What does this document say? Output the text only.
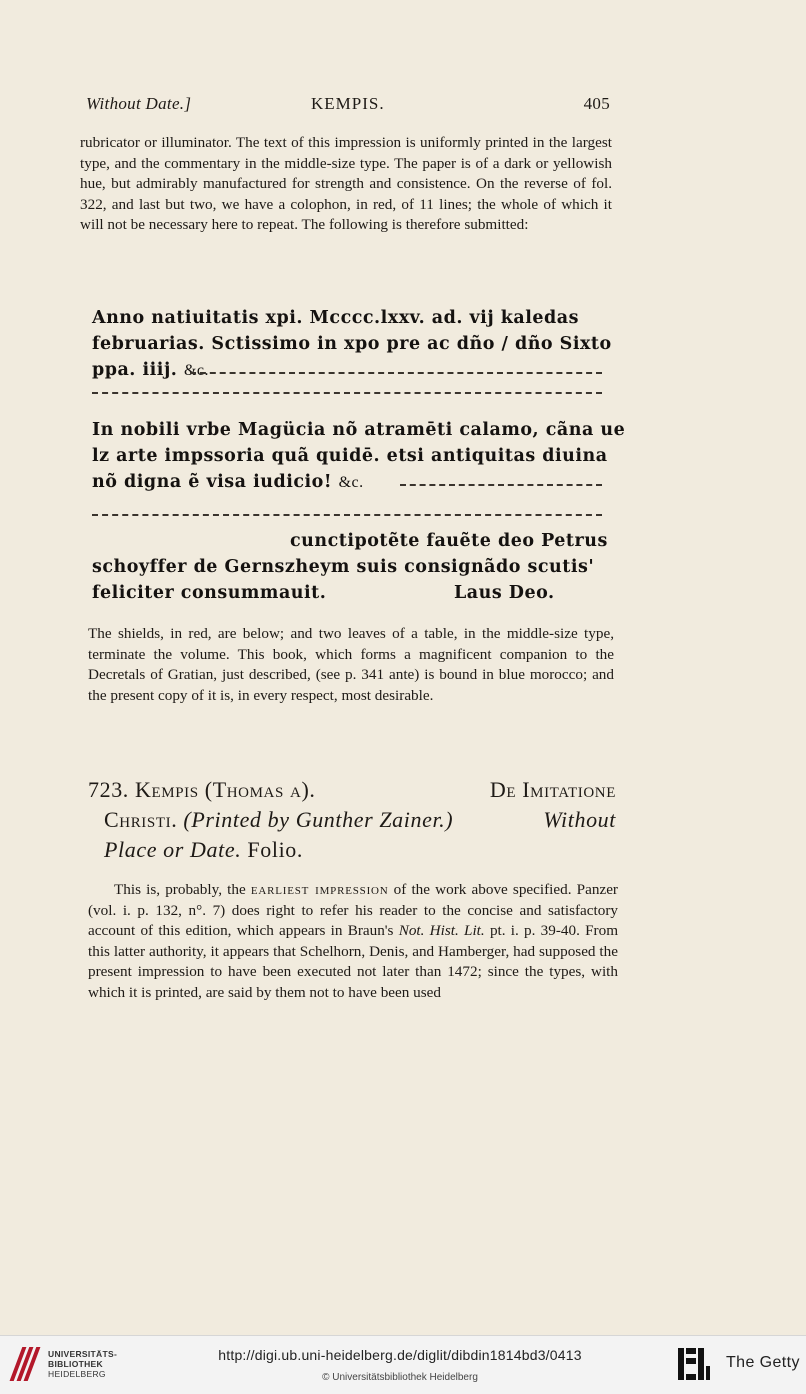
Without Date.]	KEMPIS.	405
rubricator or illuminator. The text of this impression is uniformly printed in the largest type, and the commentary in the middle-size type. The paper is of a dark or yellowish hue, but admirably manufactured for strength and consistence. On the reverse of fol. 322, and last but two, we have a colophon, in red, of 11 lines; the whole of which it will not be necessary here to repeat. The following is therefore submitted:
Anno natiuitatis xpi. Mcccc.lxxv. ad. vij kaledas
februarias. Sctissimo in xpo pre ac dño / dño Sixto
ppa. iiij. &c.
In nobili vrbe Magücia nõ atramēti calamo, cãna ue
lz arte impssoria quã quidē. etsi antiquitas diuina
nõ digna ẽ visa iudicio! &c.
cunctipotẽte fauẽte deo Petrus
schoyffer de Gernszheym suis consignãdo scutis'
feliciter consummauit.	Laus Deo.
The shields, in red, are below; and two leaves of a table, in the middle-size type, terminate the volume. This book, which forms a magnificent companion to the Decretals of Gratian, just described, (see p. 341 ante) is bound in blue morocco; and the present copy of it is, in every respect, most desirable.
723. Kempis (Thomas a).	De Imitatione
Christi. (Printed by Gunther Zainer.)	Without
Place or Date. Folio.
This is, probably, the earliest impression of the work above specified. Panzer (vol. i. p. 132, n°. 7) does right to refer his reader to the concise and satisfactory account of this edition, which appears in Braun's Not. Hist. Lit. pt. i. p. 39-40. From this latter authority, it appears that Schelhorn, Denis, and Hamberger, had supposed the present impression to have been executed not later than 1472; since the types, with which it is printed, are said by them not to have been used
UNIVERSITÄTS-
BIBLIOTHEK
HEIDELBERG
http://digi.ub.uni-heidelberg.de/diglit/dibdin1814bd3/0413
© Universitätsbibliothek Heidelberg
The Getty
